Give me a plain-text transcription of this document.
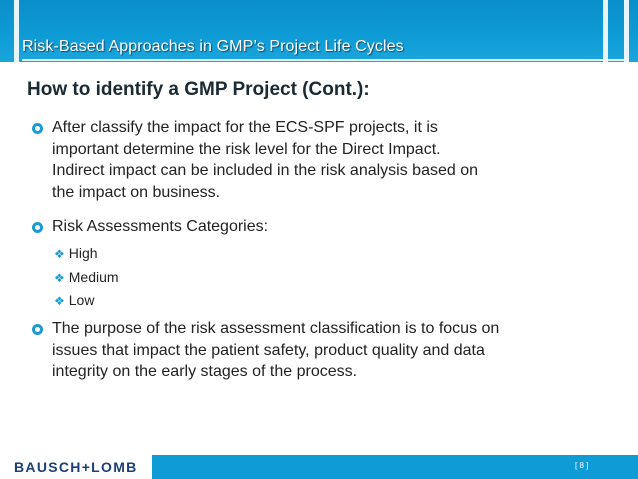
Risk-Based Approaches in GMP’s Project Life Cycles
How to identify a GMP Project (Cont.):
After classify the impact for the ECS-SPF projects, it is
important determine the risk level for the Direct Impact.
Indirect impact can be included in the risk analysis based on
the impact on business.
Risk Assessments Categories:
❖ High
❖ Medium
❖ Low
The purpose of the risk assessment classification is to focus on
issues that impact the patient safety, product quality and data
integrity on the early stages of the process.
BAUSCH+LOMB	[ 8 ]
